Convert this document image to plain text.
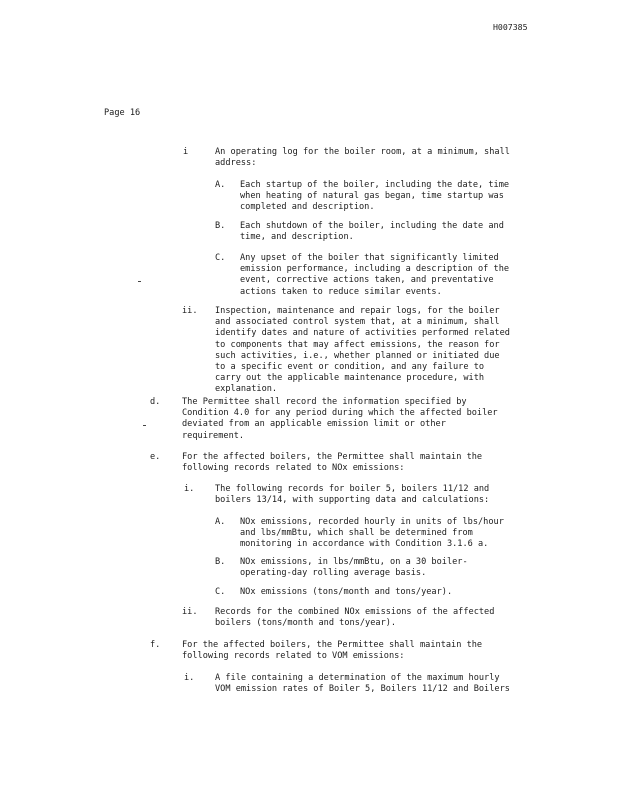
H007385
Page 16
i	An operating log for the boiler room, at a minimum, shall
address:
A. Each startup of the boiler, including the date, time
when heating of natural gas began, time startup was
completed and description.
B. Each shutdown of the boiler, including the date and
time, and description.
C. Any upset of the boiler that significantly limited
emission performance, including a description of the
event, corrective actions taken, and preventative
actions taken to reduce similar events.
ii. Inspection, maintenance and repair logs, for the boiler
and associated control system that, at a minimum, shall
identify dates and nature of activities performed related
to components that may affect emissions, the reason for
such activities, i.e., whether planned or initiated due
to a specific event or condition, and any failure to
carry out the applicable maintenance procedure, with
explanation.
d.	The Permittee shall record the information specified by
Condition 4.0 for any period during which the affected boiler
deviated from an applicable emission limit or other
requirement.
e.	For the affected boilers, the Permittee shall maintain the
following records related to NOx emissions:
i. The following records for boiler 5, boilers 11/12 and
boilers 13/14, with supporting data and calculations:
A. NOx emissions, recorded hourly in units of lbs/hour
and lbs/mmBtu, which shall be determined from
monitoring in accordance with Condition 3.1.6 a.
B. NOx emissions, in lbs/mmBtu, on a 30 boiler-
operating-day rolling average basis.
C. NOx emissions (tons/month and tons/year).
ii. Records for the combined NOx emissions of the affected
boilers (tons/month and tons/year).
f.	For the affected boilers, the Permittee shall maintain the
following records related to VOM emissions:
i. A file containing a determination of the maximum hourly
VOM emission rates of Boiler 5, Boilers 11/12 and Boilers
